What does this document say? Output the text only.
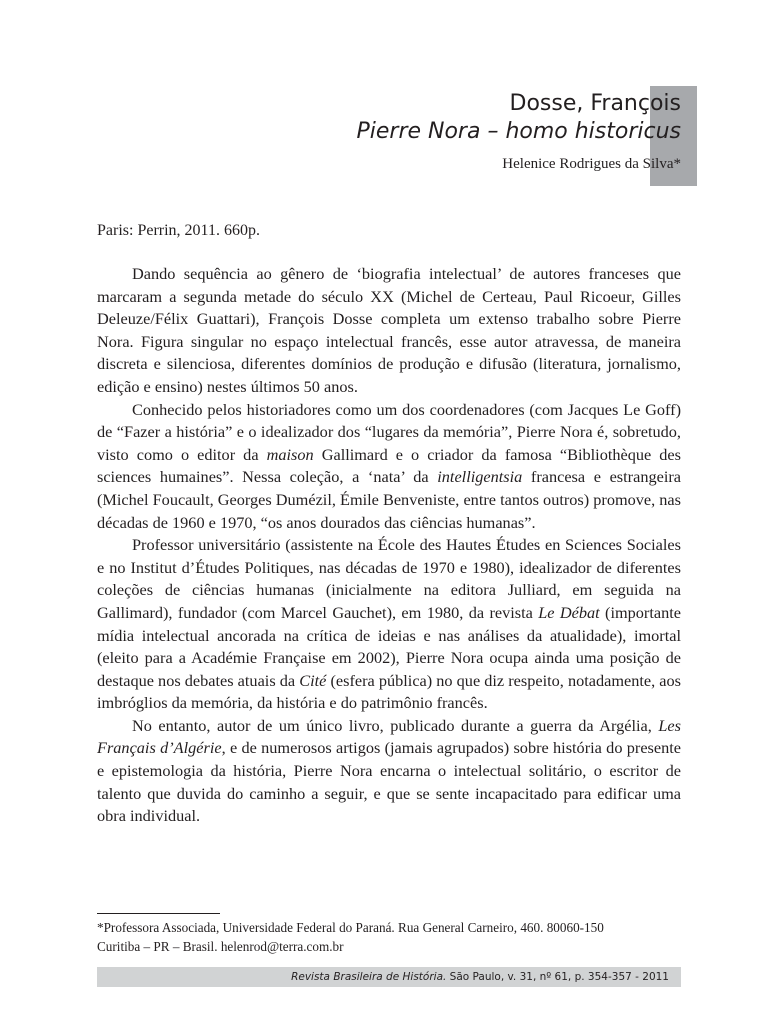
Dosse, François
Pierre Nora – homo historicus
Helenice Rodrigues da Silva*
Paris: Perrin, 2011. 660p.

Dando sequência ao gênero de ‘biografia intelectual’ de autores franceses que marcaram a segunda metade do século XX (Michel de Certeau, Paul Ricoeur, Gilles Deleuze/Félix Guattari), François Dosse completa um extenso trabalho sobre Pierre Nora. Figura singular no espaço intelectual francês, esse autor atravessa, de maneira discreta e silenciosa, diferentes domínios de produção e difusão (literatura, jornalismo, edição e ensino) nestes últimos 50 anos.

Conhecido pelos historiadores como um dos coordenadores (com Jacques Le Goff) de “Fazer a história” e o idealizador dos “lugares da memória”, Pierre Nora é, sobretudo, visto como o editor da maison Gallimard e o criador da famosa “Bibliothèque des sciences humaines”. Nessa coleção, a ‘nata’ da intelligentsia francesa e estrangeira (Michel Foucault, Georges Dumézil, Émile Benveniste, entre tantos outros) promove, nas décadas de 1960 e 1970, “os anos dourados das ciências humanas”.

Professor universitário (assistente na École des Hautes Études en Sciences Sociales e no Institut d’Études Politiques, nas décadas de 1970 e 1980), idealizador de diferentes coleções de ciências humanas (inicialmente na editora Julliard, em seguida na Gallimard), fundador (com Marcel Gauchet), em 1980, da revista Le Débat (importante mídia intelectual ancorada na crítica de ideias e nas análises da atualidade), imortal (eleito para a Académie Française em 2002), Pierre Nora ocupa ainda uma posição de destaque nos debates atuais da Cité (esfera pública) no que diz respeito, notadamente, aos imbróglios da memória, da história e do patrimônio francês.

No entanto, autor de um único livro, publicado durante a guerra da Argélia, Les Français d’Algérie, e de numerosos artigos (jamais agrupados) sobre história do presente e epistemologia da história, Pierre Nora encarna o intelectual solitário, o escritor de talento que duvida do caminho a seguir, e que se sente incapacitado para edificar uma obra individual.

*Professora Associada, Universidade Federal do Paraná. Rua General Carneiro, 460. 80060-150
Curitiba – PR – Brasil. helenrod@terra.com.br
Revista Brasileira de História. São Paulo, v. 31, nº 61, p. 354-357 - 2011
